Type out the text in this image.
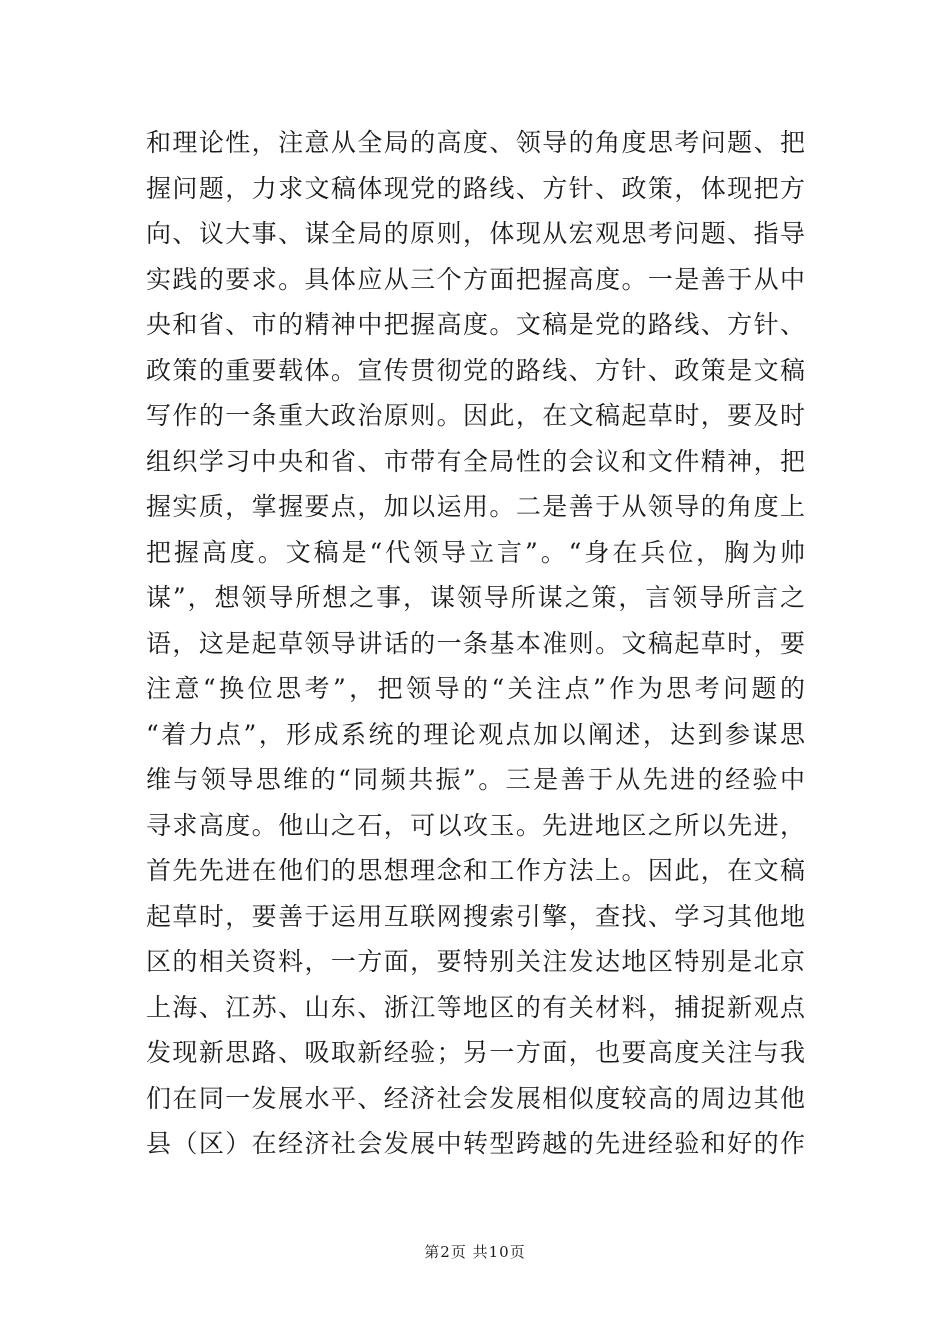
和理论性，注意从全局的高度、领导的角度思考问题、把
握问题，力求文稿体现党的路线、方针、政策，体现把方
向、议大事、谋全局的原则，体现从宏观思考问题、指导
实践的要求。具体应从三个方面把握高度。一是善于从中
央和省、市的精神中把握高度。文稿是党的路线、方针、
政策的重要载体。宣传贯彻党的路线、方针、政策是文稿
写作的一条重大政治原则。因此，在文稿起草时，要及时
组织学习中央和省、市带有全局性的会议和文件精神，把
握实质，掌握要点，加以运用。二是善于从领导的角度上
把握高度。文稿是“代领导立言”。“身在兵位，胸为帅
谋”，想领导所想之事，谋领导所谋之策，言领导所言之
语，这是起草领导讲话的一条基本准则。文稿起草时，要
注意“换位思考”，把领导的“关注点”作为思考问题的
“着力点”，形成系统的理论观点加以阐述，达到参谋思
维与领导思维的“同频共振”。三是善于从先进的经验中
寻求高度。他山之石，可以攻玉。先进地区之所以先进，
首先先进在他们的思想理念和工作方法上。因此，在文稿
起草时，要善于运用互联网搜索引擎，查找、学习其他地
区的相关资料，一方面，要特别关注发达地区特别是北京
上海、江苏、山东、浙江等地区的有关材料，捕捉新观点
发现新思路、吸取新经验；另一方面，也要高度关注与我
们在同一发展水平、经济社会发展相似度较高的周边其他
县（区）在经济社会发展中转型跨越的先进经验和好的作
第2页 共10页
